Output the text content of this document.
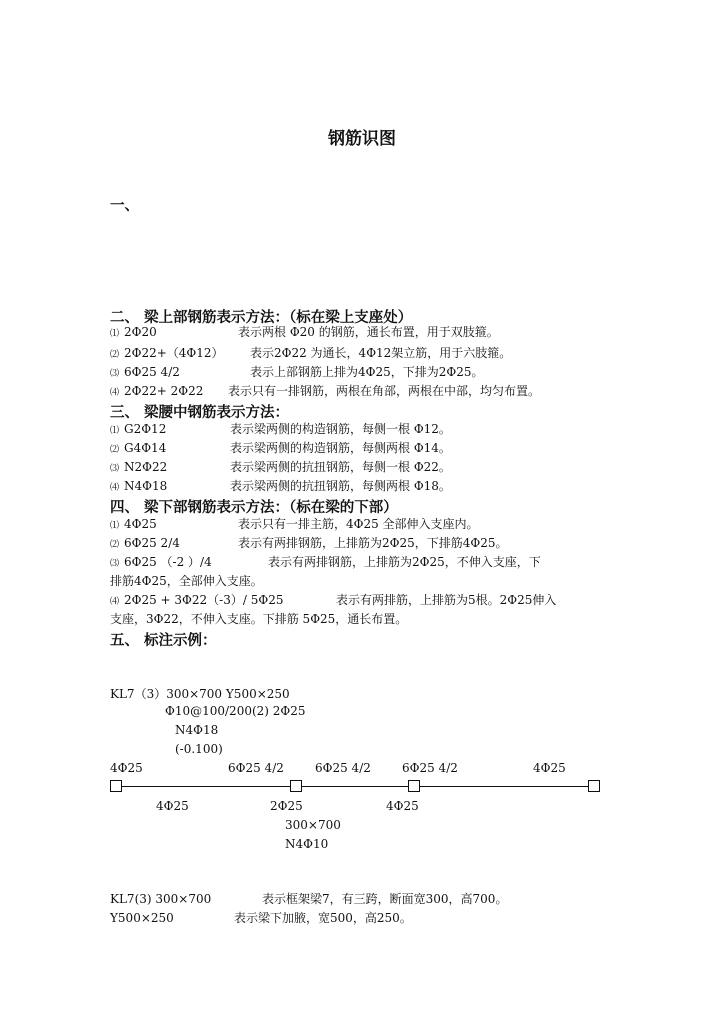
钢筋识图
一、
二、 梁上部钢筋表示方法：（标在梁上支座处）
⑴ 2Φ20	表示两根 Φ20 的钢筋，通长布置，用于双肢箍。
⑵ 2Φ22+（4Φ12） 表示2Φ22 为通长，4Φ12架立筋，用于六肢箍。
⑶ 6Φ25 4/2	表示上部钢筋上排为4Φ25，下排为2Φ25。
⑷ 2Φ22+ 2Φ22 表示只有一排钢筋，两根在角部，两根在中部，均匀布置。
三、 梁腰中钢筋表示方法：
⑴ G2Φ12	表示梁两侧的构造钢筋，每侧一根 Φ12。
⑵ G4Φ14	表示梁两侧的构造钢筋，每侧两根 Φ14。
⑶ N2Φ22	表示梁两侧的抗扭钢筋，每侧一根 Φ22。
⑷ N4Φ18	表示梁两侧的抗扭钢筋，每侧两根 Φ18。
四、 梁下部钢筋表示方法：（标在梁的下部）
⑴ 4Φ25	表示只有一排主筋，4Φ25 全部伸入支座内。
⑵ 6Φ25 2/4	表示有两排钢筋，上排筋为2Φ25，下排筋4Φ25。
⑶ 6Φ25 （-2 ）/4	表示有两排钢筋，上排筋为2Φ25，不伸入支座，下
排筋4Φ25，全部伸入支座。
⑷ 2Φ25 + 3Φ22（-3）/ 5Φ25	表示有两排筋，上排筋为5根。2Φ25伸入
支座，3Φ22，不伸入支座。下排筋 5Φ25，通长布置。
五、 标注示例：
KL7（3）300×700 Y500×250
Φ10@100/200(2) 2Φ25
N4Φ18
(-0.100)
4Φ25	6Φ25 4/2	6Φ25 4/2	6Φ25 4/2	4Φ25
4Φ25	2Φ25	4Φ25
300×700
N4Φ10
KL7(3) 300×700	表示框架梁7，有三跨，断面宽300，高700。
Y500×250	表示梁下加腋，宽500，高250。
